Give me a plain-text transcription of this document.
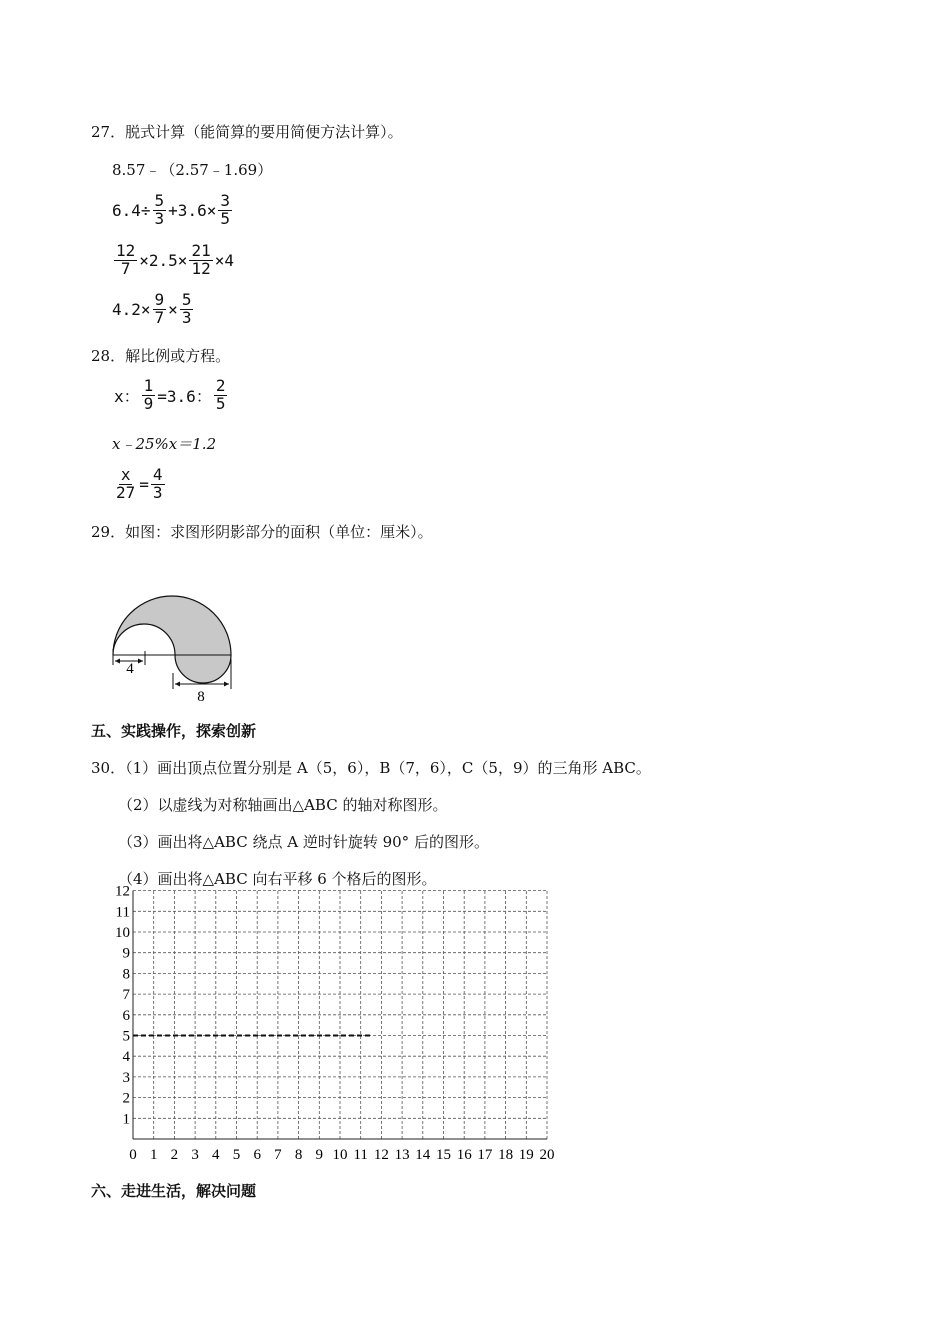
27．脱式计算（能简算的要用简便方法计算）。
8.57﹣（2.57﹣1.69）
$6.4\div \frac{5}{3} +3.6\times \frac{3}{5}$
$\frac{12}{7} \times 2.5\times \frac{21}{12} \times 4$
$4.2\times \frac{9}{7} \times \frac{5}{3}$
28．解比例或方程。
x： $\frac{1}{9} =3.6$： $\frac{2}{5}$
x﹣25%x＝1.2
$\frac{x}{27} = \frac{4}{3}$
29．如图：求图形阴影部分的面积（单位：厘米）。
4
8
五、实践操作，探索创新
30．（1）画出顶点位置分别是 A（5，6），B（7，6），C（5，9）的三角形 ABC。
（2）以虚线为对称轴画出△ABC 的轴对称图形。
（3）画出将△ABC 绕点 A 逆时针旋转 90° 后的图形。
（4）画出将△ABC 向右平移 6 个格后的图形。
0 1 2 3 4 5 6 7 8 9 10 11 12 13 14 15 16 17 18 19 20
1
2
3
4
5
6
7
8
9
10
11
12
六、走进生活，解决问题
